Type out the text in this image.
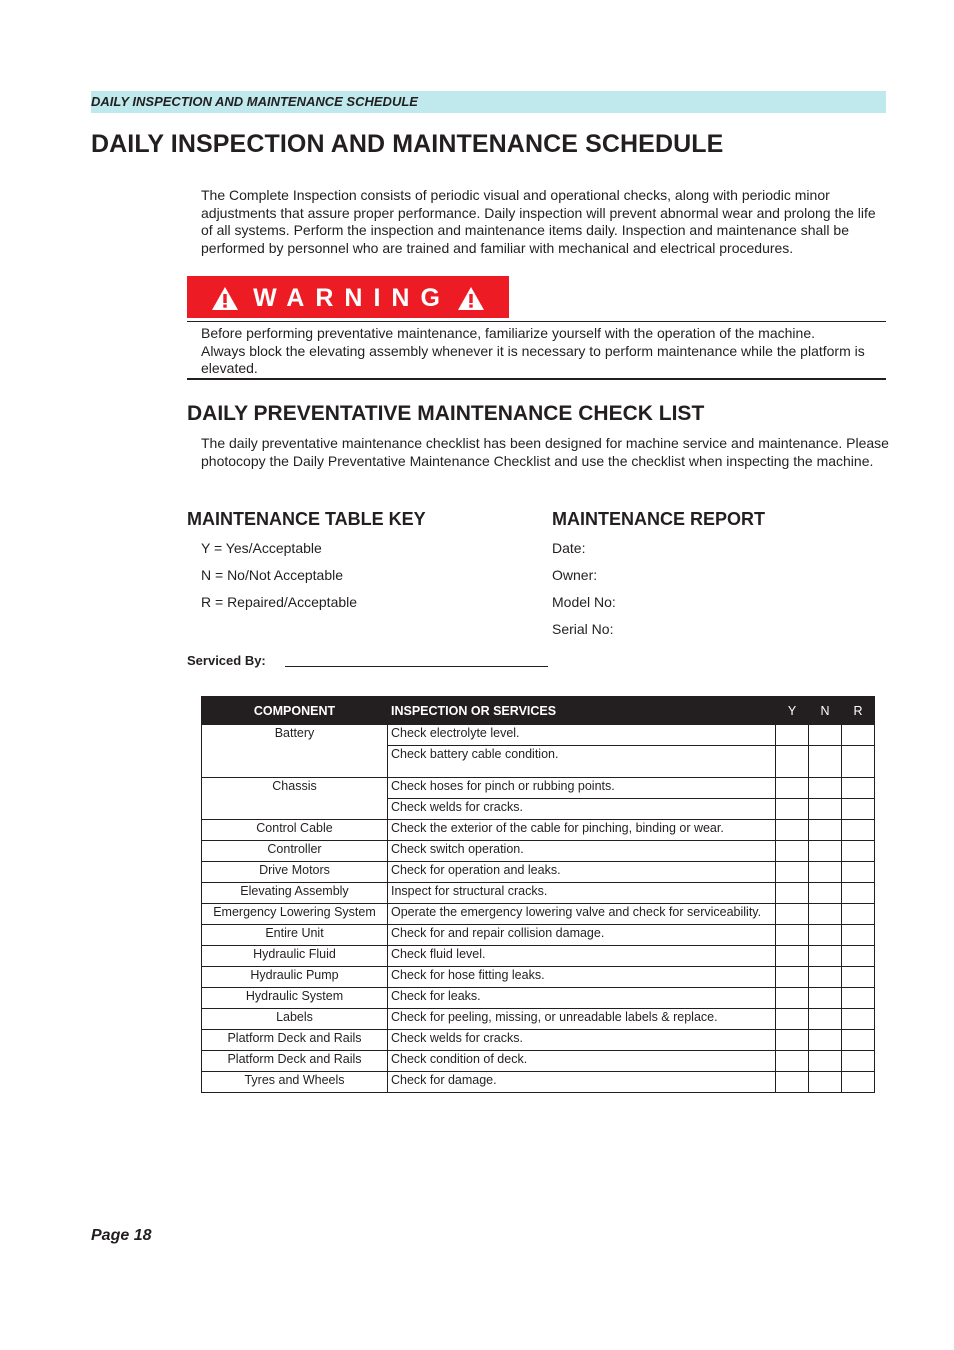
DAILY INSPECTION AND MAINTENANCE SCHEDULE
DAILY INSPECTION AND MAINTENANCE SCHEDULE
The Complete Inspection consists of periodic visual and operational checks, along with periodic minor adjustments that assure proper performance. Daily inspection will prevent abnormal wear and prolong the life of all systems. Perform the inspection and maintenance items daily. Inspection and maintenance shall be performed by personnel who are trained and familiar with mechanical and electrical procedures.
WARNING
Before performing preventative maintenance, familiarize yourself with the operation of the machine.
Always block the elevating assembly whenever it is necessary to perform maintenance while the platform is elevated.
DAILY PREVENTATIVE MAINTENANCE CHECK LIST
The daily preventative maintenance checklist has been designed for machine service and maintenance. Please photocopy the Daily Preventative Maintenance Checklist and use the checklist when inspecting the machine.
MAINTENANCE TABLE KEY
Y = Yes/Acceptable
N = No/Not Acceptable
R = Repaired/Acceptable
MAINTENANCE REPORT
Date:
Owner:
Model No:
Serial No:
Serviced By:
COMPONENT	INSPECTION OR SERVICES	Y	N	R
Battery	Check electrolyte level.			
	Check battery cable condition.			
Chassis	Check hoses for pinch or rubbing points.			
	Check welds for cracks.			
Control Cable	Check the exterior of the cable for pinching, binding or wear.			
Controller	Check switch operation.			
Drive Motors	Check for operation and leaks.			
Elevating Assembly	Inspect for structural cracks.			
Emergency Lowering System	Operate the emergency lowering valve and check for serviceability.			
Entire Unit	Check for and repair collision damage.			
Hydraulic Fluid	Check fluid level.			
Hydraulic Pump	Check for hose fitting leaks.			
Hydraulic System	Check for leaks.			
Labels	Check for peeling, missing, or unreadable labels & replace.			
Platform Deck and Rails	Check welds for cracks.			
Platform Deck and Rails	Check condition of deck.			
Tyres and Wheels	Check for damage.			
Page 18
